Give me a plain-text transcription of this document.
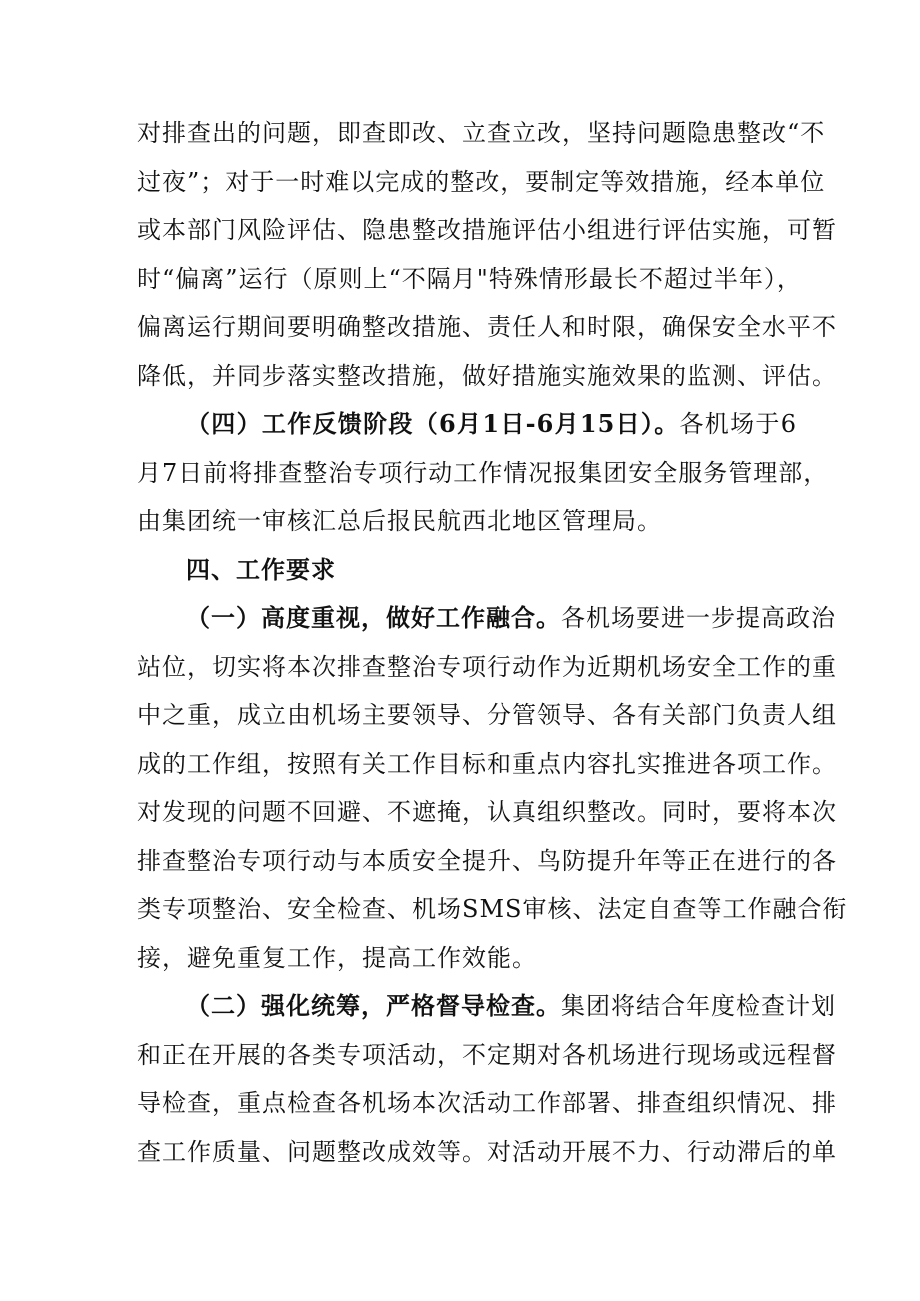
对排查出的问题，即查即改、立查立改，坚持问题隐患整改“不
过夜”；对于一时难以完成的整改，要制定等效措施，经本单位
或本部门风险评估、隐患整改措施评估小组进行评估实施，可暂
时“偏离”运行（原则上“不隔月"特殊情形最长不超过半年），
偏离运行期间要明确整改措施、责任人和时限，确保安全水平不
降低，并同步落实整改措施，做好措施实施效果的监测、评估。
（四）工作反馈阶段（6月1日-6月15日）。各机场于6
月7日前将排查整治专项行动工作情况报集团安全服务管理部，
由集团统一审核汇总后报民航西北地区管理局。
四、工作要求
（一）高度重视，做好工作融合。各机场要进一步提高政治
站位，切实将本次排查整治专项行动作为近期机场安全工作的重
中之重，成立由机场主要领导、分管领导、各有关部门负责人组
成的工作组，按照有关工作目标和重点内容扎实推进各项工作。
对发现的问题不回避、不遮掩，认真组织整改。同时，要将本次
排查整治专项行动与本质安全提升、鸟防提升年等正在进行的各
类专项整治、安全检查、机场SMS审核、法定自查等工作融合衔
接，避免重复工作，提高工作效能。
（二）强化统筹，严格督导检查。集团将结合年度检查计划
和正在开展的各类专项活动，不定期对各机场进行现场或远程督
导检查，重点检查各机场本次活动工作部署、排查组织情况、排
查工作质量、问题整改成效等。对活动开展不力、行动滞后的单
